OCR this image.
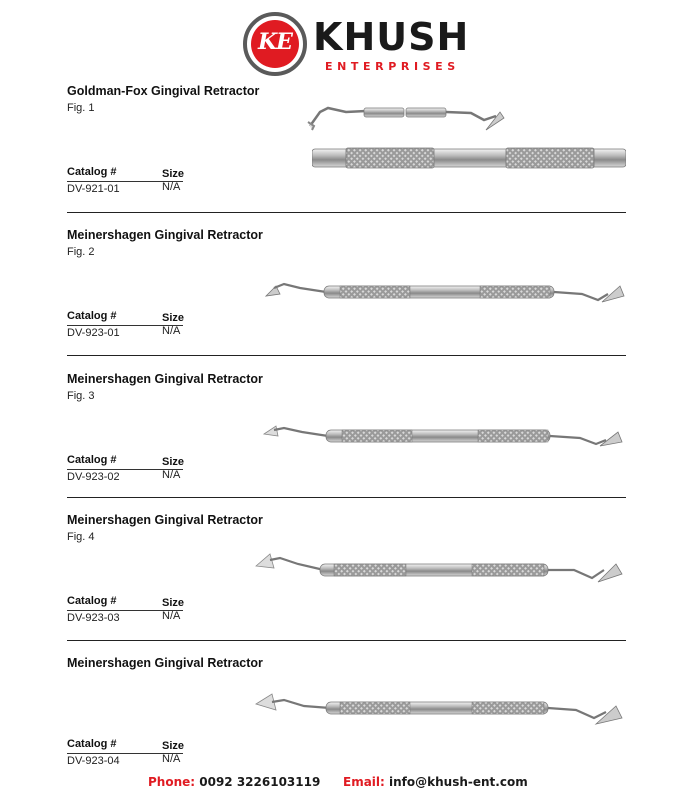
KE KHUSH
ENTERPRISES
Goldman-Fox Gingival Retractor
Fig. 1
Catalog #	Size
DV-921-01	N/A
Meinershagen Gingival Retractor
Fig. 2
Catalog #	Size
DV-923-01	N/A
Meinershagen Gingival Retractor
Fig. 3
Catalog #	Size
DV-923-02	N/A
Meinershagen Gingival Retractor
Fig. 4
Catalog #	Size
DV-923-03	N/A
Meinershagen Gingival Retractor
Catalog #	Size
DV-923-04	N/A
Phone: 0092 3226103119 Email: info@khush-ent.com
